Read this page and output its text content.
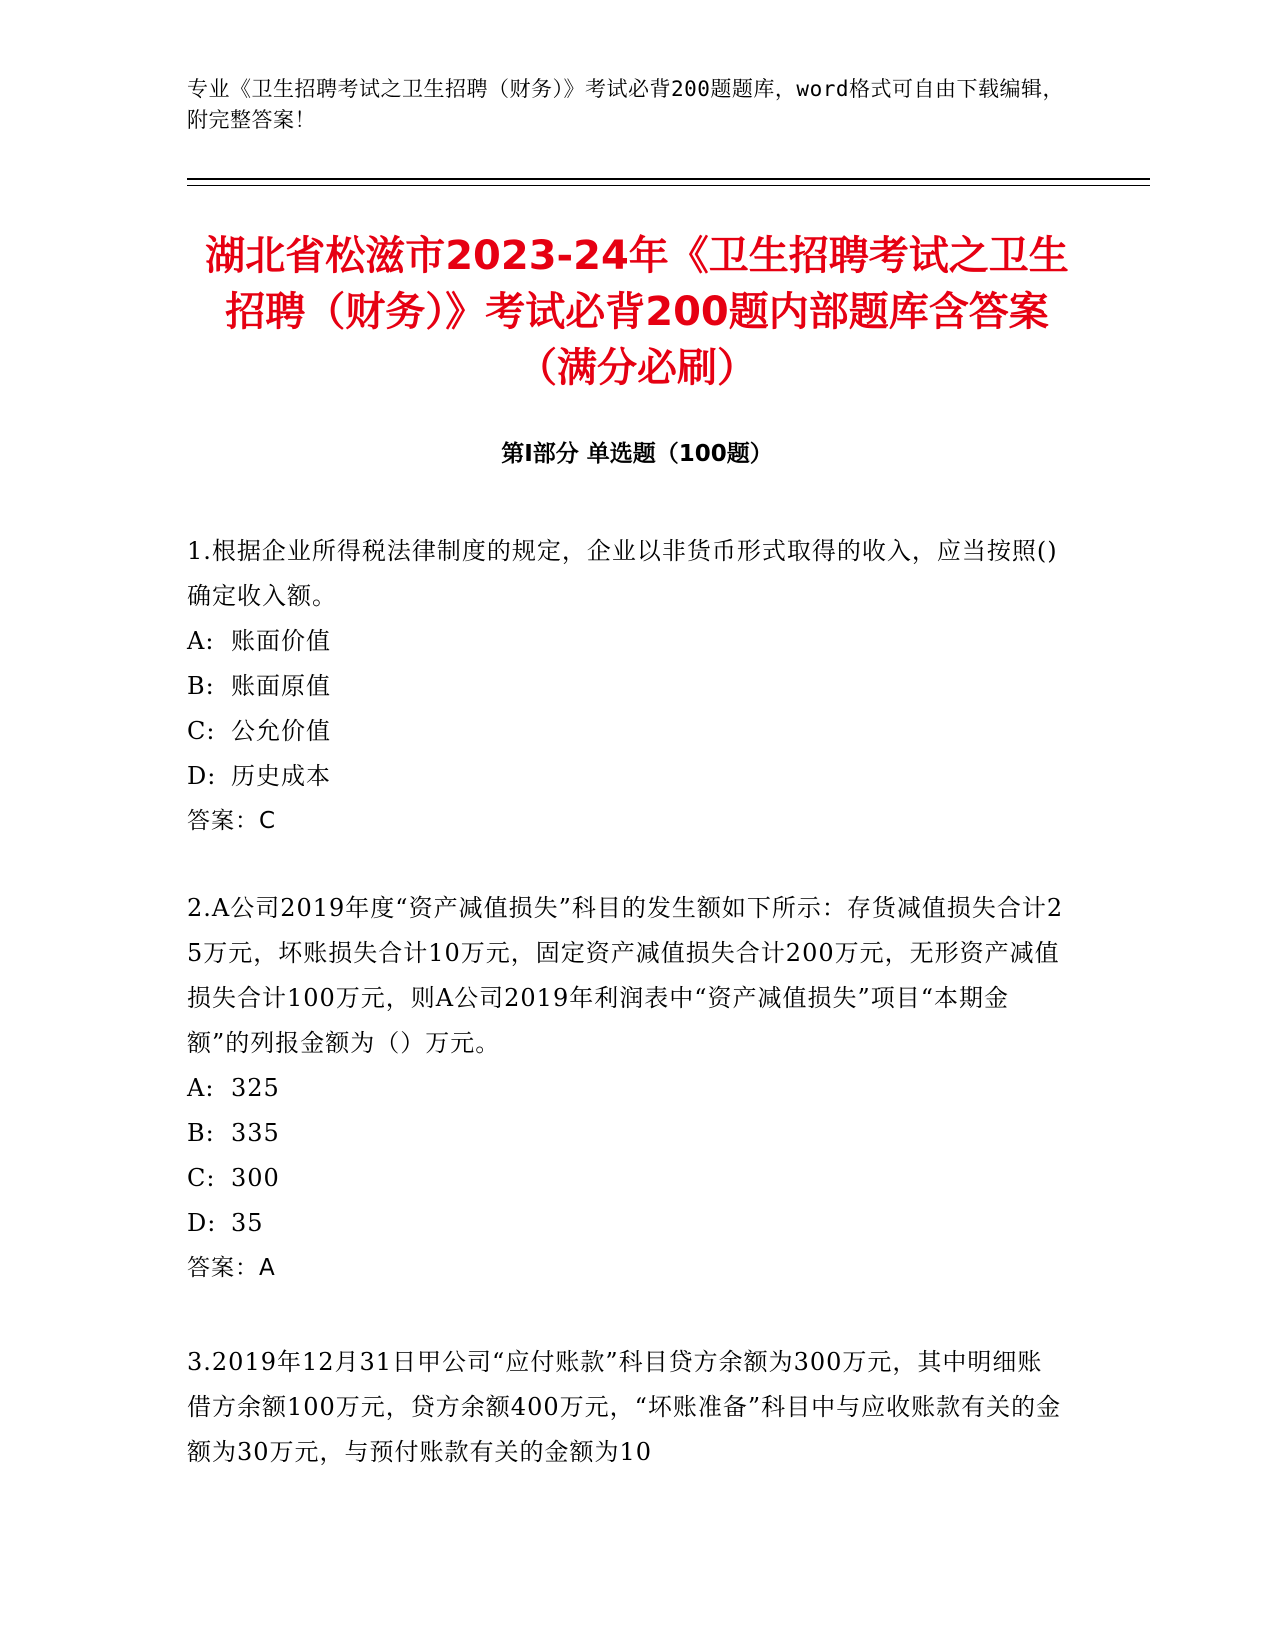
专业《卫生招聘考试之卫生招聘（财务）》考试必背200题题库，word格式可自由下载编辑，附完整答案！
湖北省松滋市2023-24年《卫生招聘考试之卫生招聘（财务）》考试必背200题内部题库含答案（满分必刷）
第Ⅰ部分 单选题（100题）

1.根据企业所得税法律制度的规定，企业以非货币形式取得的收入，应当按照()确定收入额。

A: 账面价值
B: 账面原值
C: 公允价值
D: 历史成本

答案：C

2.A公司2019年度“资产减值损失”科目的发生额如下所示：存货减值损失合计25万元，坏账损失合计10万元，固定资产减值损失合计200万元，无形资产减值损失合计100万元，则A公司2019年利润表中“资产减值损失”项目“本期金额”的列报金额为（）万元。

A: 325
B: 335
C: 300
D: 35

答案：A

3.2019年12月31日甲公司“应付账款”科目贷方余额为300万元，其中明细账借方余额100万元，贷方余额400万元，“坏账准备”科目中与应收账款有关的金额为30万元，与预付账款有关的金额为10
